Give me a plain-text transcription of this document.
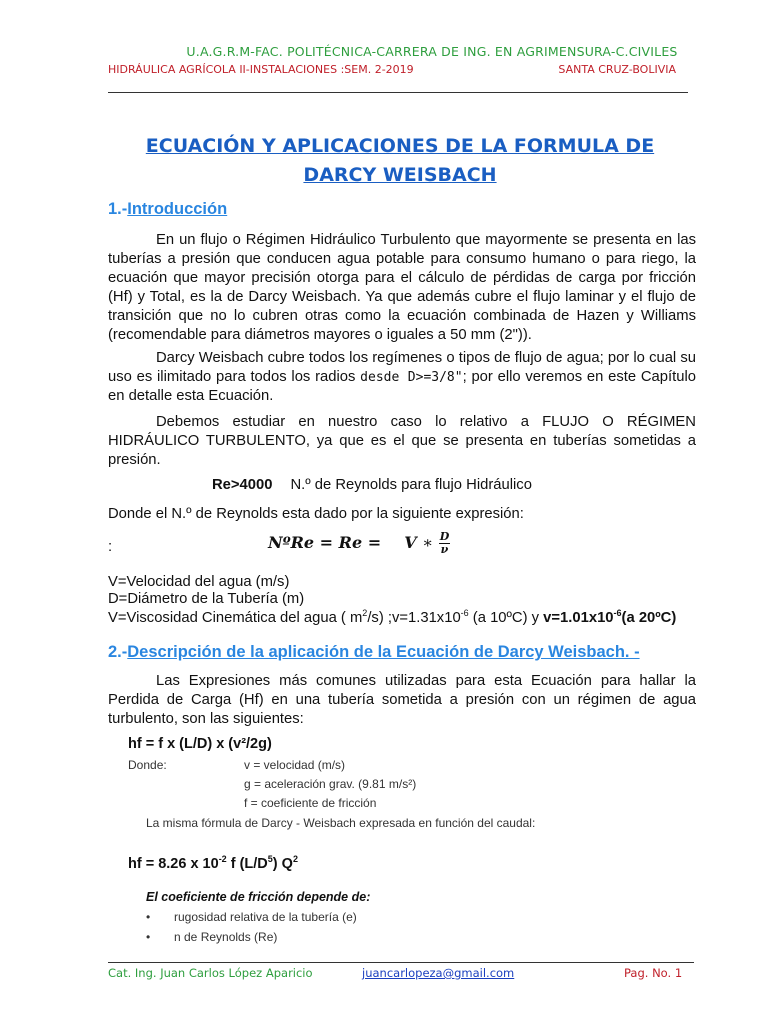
U.A.G.R.M-FAC. POLITÉCNICA-CARRERA DE ING. EN AGRIMENSURA-C.CIVILES
HIDRÁULICA AGRÍCOLA II-INSTALACIONES :SEM. 2-2019	SANTA CRUZ-BOLIVIA
ECUACIÓN Y APLICACIONES DE LA FORMULA DE DARCY WEISBACH
1.-Introducción
En un flujo o Régimen Hidráulico Turbulento que mayormente se presenta en las tuberías a presión que conducen agua potable para consumo humano o para riego, la ecuación que mayor precisión otorga para el cálculo de pérdidas de carga por fricción (Hf) y Total, es la de Darcy Weisbach. Ya que además cubre el flujo laminar y el flujo de transición que no lo cubren otras como la ecuación combinada de Hazen y Williams (recomendable para diámetros mayores o iguales a 50 mm (2")).
Darcy Weisbach cubre todos los regímenes o tipos de flujo de agua; por lo cual su uso es ilimitado para todos los radios desde D>=3/8"; por ello veremos en este Capítulo en detalle esta Ecuación.
Debemos estudiar en nuestro caso lo relativo a FLUJO O RÉGIMEN HIDRÁULICO TURBULENTO, ya que es el que se presenta en tuberías sometidas a presión.
Re>4000 N.º de Reynolds para flujo Hidráulico
Donde el N.º de Reynolds esta dado por la siguiente expresión:
:	NºRe = Re = V ∗ $\frac{D}{\nu}$
V=Velocidad del agua (m/s)
D=Diámetro de la Tubería (m)
V=Viscosidad Cinemática del agua ( $m^2/s$) $;v=1.31x10^{-6}$ (a 10ºC) y $v=1.01x10^{-6}(a$ 20ºC)
2.-Descripción de la aplicación de la Ecuación de Darcy Weisbach. -
Las Expresiones más comunes utilizadas para esta Ecuación para hallar la Perdida de Carga (Hf) en una tubería sometida a presión con un régimen de agua turbulento, son las siguientes:
hf = f x (L/D) x (v²/2g)
Donde:	v = velocidad (m/s)
g = aceleración grav. (9.81 m/s²)
f = coeficiente de fricción
La misma fórmula de Darcy - Weisbach expresada en función del caudal:
hf = 8.26 x $10^{-2}$ f $(L/D^5)$ $Q^2$
El coeficiente de fricción depende de:
• rugosidad relativa de la tubería (e)
• n de Reynolds (Re)
Cat. Ing. Juan Carlos López Aparicio	juancarlopeza@gmail.com	Pag. No. 1
